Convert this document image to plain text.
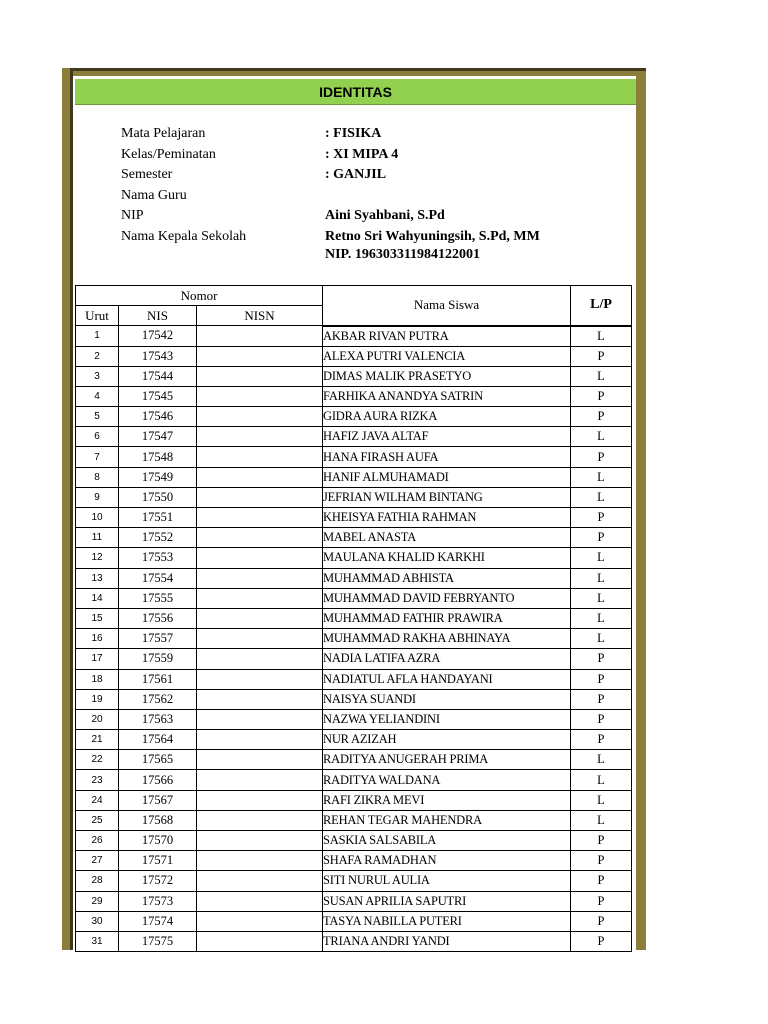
IDENTITAS
Mata Pelajaran	: FISIKA
Kelas/Peminatan	: XI MIPA 4
Semester	: GANJIL
Nama Guru
NIP	Aini Syahbani, S.Pd
Nama Kepala Sekolah	Retno Sri Wahyuningsih, S.Pd, MM
NIP. 196303311984122001
Nomor			Nama Siswa	L/P
Urut	NIS	NISN		
1	17542		AKBAR RIVAN PUTRA	L
2	17543		ALEXA PUTRI VALENCIA	P
3	17544		DIMAS MALIK PRASETYO	L
4	17545		FARHIKA ANANDYA SATRIN	P
5	17546		GIDRA AURA RIZKA	P
6	17547		HAFIZ JAVA ALTAF	L
7	17548		HANA FIRASH AUFA	P
8	17549		HANIF ALMUHAMADI	L
9	17550		JEFRIAN WILHAM BINTANG	L
10	17551		KHEISYA FATHIA RAHMAN	P
11	17552		MABEL ANASTA	P
12	17553		MAULANA KHALID KARKHI	L
13	17554		MUHAMMAD ABHISTA	L
14	17555		MUHAMMAD DAVID FEBRYANTO	L
15	17556		MUHAMMAD FATHIR PRAWIRA	L
16	17557		MUHAMMAD RAKHA ABHINAYA	L
17	17559		NADIA LATIFA AZRA	P
18	17561		NADIATUL AFLA HANDAYANI	P
19	17562		NAISYA SUANDI	P
20	17563		NAZWA YELIANDINI	P
21	17564		NUR AZIZAH	P
22	17565		RADITYA ANUGERAH PRIMA	L
23	17566		RADITYA WALDANA	L
24	17567		RAFI ZIKRA MEVI	L
25	17568		REHAN TEGAR MAHENDRA	L
26	17570		SASKIA SALSABILA	P
27	17571		SHAFA RAMADHAN	P
28	17572		SITI NURUL AULIA	P
29	17573		SUSAN APRILIA SAPUTRI	P
30	17574		TASYA NABILLA PUTERI	P
31	17575		TRIANA ANDRI YANDI	P
